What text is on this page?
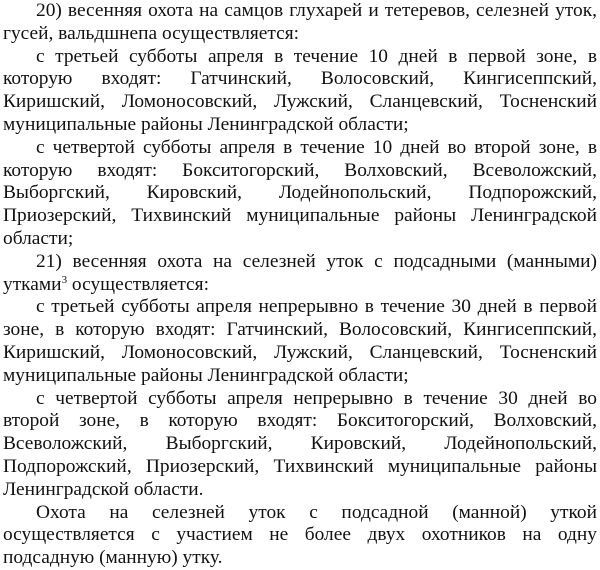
20) весенняя охота на самцов глухарей и тетеревов, селезней уток, гусей, вальдшнепа осуществляется:

с третьей субботы апреля в течение 10 дней в первой зоне, в которую входят: Гатчинский, Волосовский, Кингисеппский, Киришский, Ломоносовский, Лужский, Сланцевский, Тосненский муниципальные районы Ленинградской области;

с четвертой субботы апреля в течение 10 дней во второй зоне, в которую входят: Бокситогорский, Волховский, Всеволожский, Выборгский, Кировский, Лодейнопольский, Подпорожский, Приозерский, Тихвинский муниципальные районы Ленинградской области;

21) весенняя охота на селезней уток с подсадными (манными) утками$^3$ осуществляется:

с третьей субботы апреля непрерывно в течение 30 дней в первой зоне, в которую входят: Гатчинский, Волосовский, Кингисеппский, Киришский, Ломоносовский, Лужский, Сланцевский, Тосненский муниципальные районы Ленинградской области;

с четвертой субботы апреля непрерывно в течение 30 дней во второй зоне, в которую входят: Бокситогорский, Волховский, Всеволожский, Выборгский, Кировский, Лодейнопольский, Подпорожский, Приозерский, Тихвинский муниципальные районы Ленинградской области.

Охота на селезней уток с подсадной (манной) уткой осуществляется с участием не более двух охотников на одну подсадную (манную) утку.
